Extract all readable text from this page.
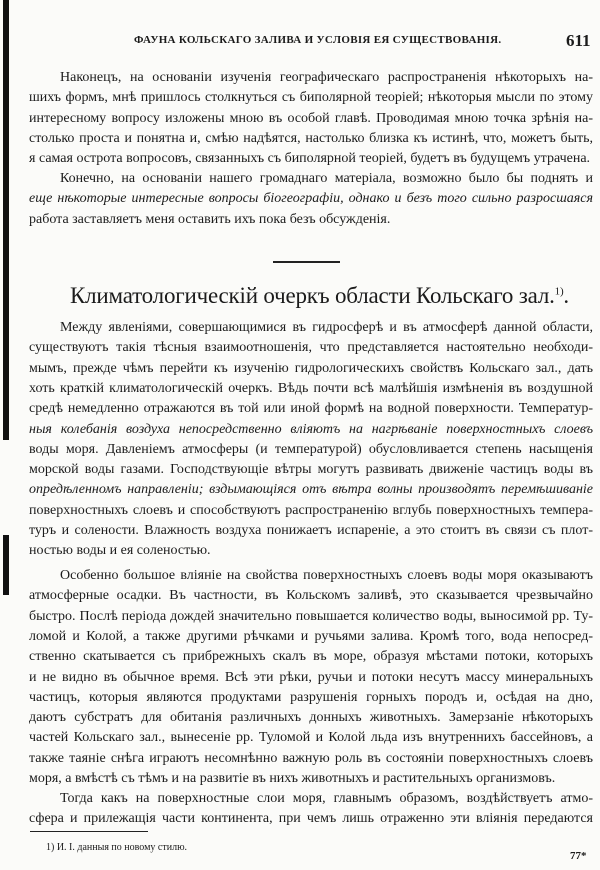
ФАУНА КОЛЬСКАГО ЗАЛИВА И УСЛОВІЯ ЕЯ СУЩЕСТВОВАНІЯ.	611
Наконецъ, на основаніи изученія географическаго распространенія нѣкоторыхъ на-
шихъ формъ, мнѣ пришлось столкнуться съ биполярной теоріей; нѣкоторыя мысли по этому
интересному вопросу изложены мною въ особой главѣ. Проводимая мною точка зрѣнія на-
столько проста и понятна и, смѣю надѣятся, настолько близка къ истинѣ, что, можетъ быть,
я самая острота вопросовъ, связанныхъ съ биполярной теоріей, будетъ въ будущемъ утрачена.
Конечно, на основаніи нашего громаднаго матеріала, возможно было бы поднять и
еще нѣкоторые интересные вопросы біогеографіи, однако и безъ того сильно разросшаяся
работа заставляетъ меня оставить ихъ пока безъ обсужденія.
Климатологическій очеркъ области Кольскаго зал.$^{1)}$.
Между явленіями, совершающимися въ гидросферѣ и въ атмосферѣ данной области,
существуютъ такія тѣсныя взаимоотношенія, что представляется настоятельно необходи-
мымъ, прежде чѣмъ перейти къ изученію гидрологическихъ свойствъ Кольскаго зал., дать
хоть краткій климатологическій очеркъ. Вѣдь почти всѣ малѣйшія измѣненія въ воздушной
средѣ немедленно отражаются въ той или иной формѣ на водной поверхности. Температур-
ныя колебанія воздуха непосредственно вліяютъ на нагрѣваніе поверхностныхъ слоевъ
воды моря. Давленіемъ атмосферы (и температурой) обусловливается степень насыщенія
морской воды газами. Господствующіе вѣтры могутъ развивать движеніе частицъ воды въ
опредѣленномъ направленіи; вздымающіяся отъ вѣтра волны производятъ перемѣшиваніе
поверхностныхъ слоевъ и способствуютъ распространенію вглубь поверхностныхъ темпера-
туръ и солености. Влажность воздуха понижаетъ испареніе, а это стоитъ въ связи съ плот-
ностью воды и ея соленостью.
Особенно большое вліяніе на свойства поверхностныхъ слоевъ воды моря оказываютъ
атмосферные осадки. Въ частности, въ Кольскомъ заливѣ, это сказывается чрезвычайно
быстро. Послѣ періода дождей значительно повышается количество воды, выносимой рр. Ту-
ломой и Колой, а также другими рѣчками и ручьями залива. Кромѣ того, вода непосред-
ственно скатывается съ прибрежныхъ скалъ въ море, образуя мѣстами потоки, которыхъ
и не видно въ обычное время. Всѣ эти рѣки, ручьи и потоки несутъ массу минеральныхъ
частицъ, которыя являются продуктами разрушенія горныхъ породъ и, осѣдая на дно,
даютъ субстратъ для обитанія различныхъ донныхъ животныхъ. Замерзаніе нѣкоторыхъ
частей Кольскаго зал., вынесеніе рр. Туломой и Колой льда изъ внутреннихъ бассейновъ, а
также таяніе снѣга играютъ несомнѣнно важную роль въ состояніи поверхностныхъ слоевъ
моря, а вмѣстѣ съ тѣмъ и на развитіе въ нихъ животныхъ и растительныхъ организмовъ.
Тогда какъ на поверхностные слои моря, главнымъ образомъ, воздѣйствуетъ атмо-
сфера и прилежащія части континента, при чемъ лишь отраженно эти вліянія передаются
1) И. І. данныя по новому стилю.
77*
